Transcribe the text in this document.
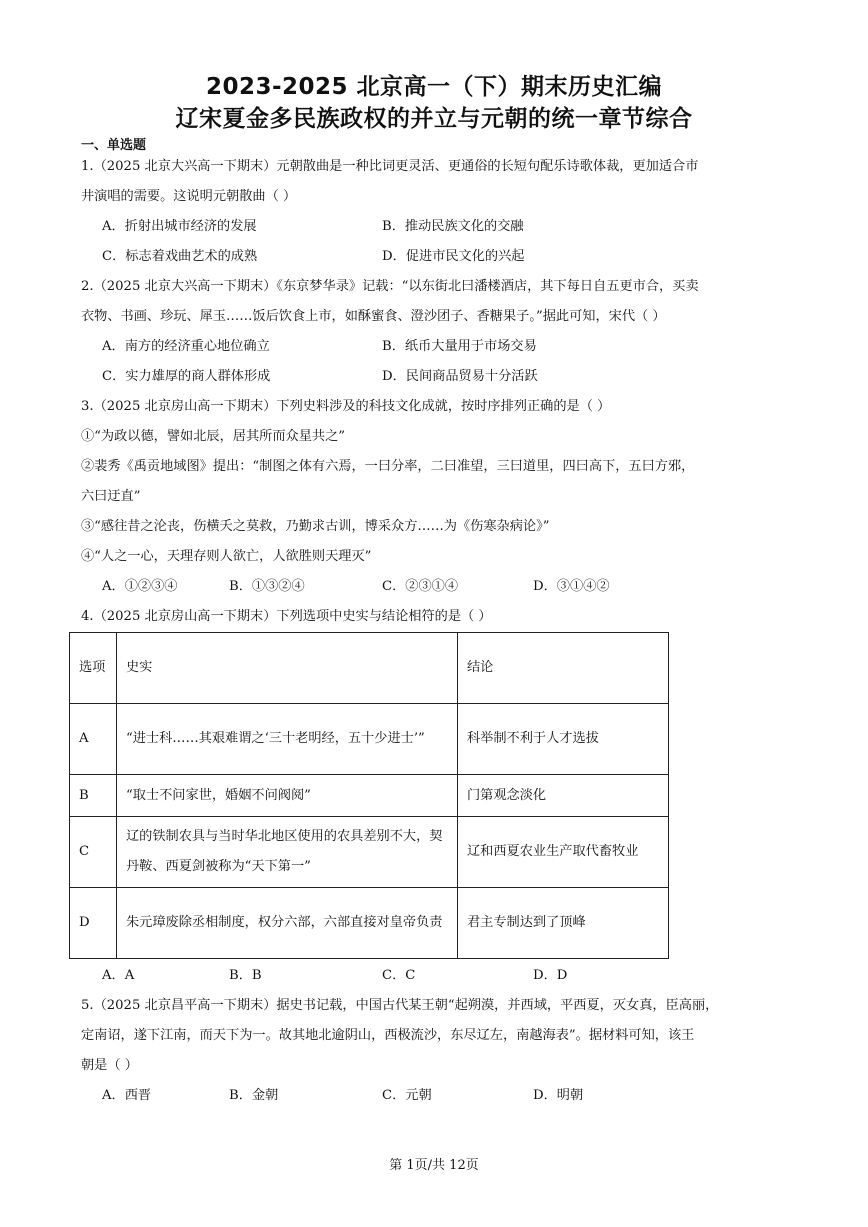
2023-2025 北京高一（下）期末历史汇编
辽宋夏金多民族政权的并立与元朝的统一章节综合
一、单选题
1.（2025 北京大兴高一下期末）元朝散曲是一种比词更灵活、更通俗的长短句配乐诗歌体裁，更加适合市
井演唱的需要。这说明元朝散曲（ ）
A．折射出城市经济的发展	B．推动民族文化的交融
C．标志着戏曲艺术的成熟	D．促进市民文化的兴起
2.（2025 北京大兴高一下期末）《东京梦华录》记载：“以东街北曰潘楼酒店，其下每日自五更市合，买卖
衣物、书画、珍玩、犀玉……饭后饮食上市，如酥蜜食、澄沙团子、香糖果子。”据此可知，宋代（ ）
A．南方的经济重心地位确立	B．纸币大量用于市场交易
C．实力雄厚的商人群体形成	D．民间商品贸易十分活跃
3.（2025 北京房山高一下期末）下列史料涉及的科技文化成就，按时序排列正确的是（ ）
①“为政以德，譬如北辰，居其所而众星共之”
②裴秀《禹贡地域图》提出：“制图之体有六焉，一曰分率，二曰准望，三曰道里，四曰高下，五曰方邪，
六曰迂直”
③“感往昔之沦丧，伤横夭之莫救，乃勤求古训，博采众方……为《伤寒杂病论》”
④“人之一心，天理存则人欲亡，人欲胜则天理灭”
A．①②③④	B．①③②④	C．②③①④	D．③①④②
4.（2025 北京房山高一下期末）下列选项中史实与结论相符的是（ ）
选项	史实	结论
A	“进士科……其艰难谓之‘三十老明经，五十少进士’”	科举制不利于人才选拔
B	“取士不问家世，婚姻不问阀阅”	门第观念淡化
C	辽的铁制农具与当时华北地区使用的农具差别不大，契丹鞍、西夏剑被称为“天下第一”	辽和西夏农业生产取代畜牧业
D	朱元璋废除丞相制度，权分六部，六部直接对皇帝负责	君主专制达到了顶峰
A．A	B．B	C．C	D．D
5.（2025 北京昌平高一下期末）据史书记载，中国古代某王朝“起朔漠，并西域，平西夏，灭女真，臣高丽，
定南诏，遂下江南，而天下为一。故其地北逾阴山，西极流沙，东尽辽左，南越海表”。据材料可知，该王
朝是（ ）
A．西晋	B．金朝	C．元朝	D．明朝
第 1页/共 12页
